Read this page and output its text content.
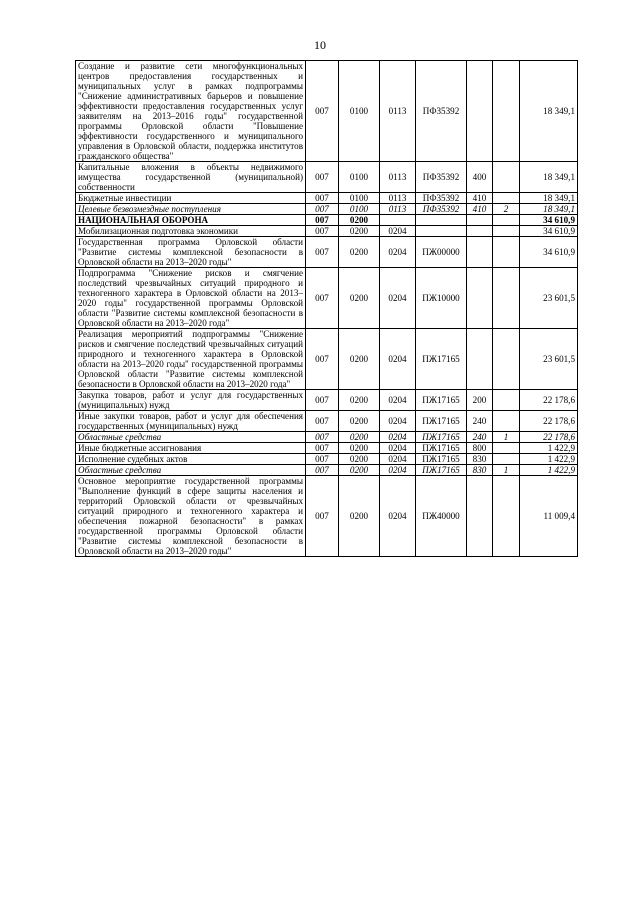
10
Создание и развитие сети многофункциональных центров предоставления государственных и муниципальных услуг в рамках подпрограммы "Снижение административных барьеров и повышение эффективности предоставления государственных услуг заявителям на 2013–2016 годы" государственной программы Орловской области "Повышение эффективности государственного и муниципального управления в Орловской области, поддержка институтов гражданского общества"	007	0100	0113	ПФ35392			18 349,1
Капитальные вложения в объекты недвижимого имущества государственной (муниципальной) собственности	007	0100	0113	ПФ35392	400		18 349,1
Бюджетные инвестиции	007	0100	0113	ПФ35392	410		18 349,1
Целевые безвозмездные поступления	007	0100	0113	ПФ35392	410	2	18 349,1
НАЦИОНАЛЬНАЯ ОБОРОНА	007	0200					34 610,9
Мобилизационная подготовка экономики	007	0200	0204				34 610,9
Государственная программа Орловской области "Развитие системы комплексной безопасности в Орловской области на 2013–2020 годы"	007	0200	0204	ПЖ00000			34 610,9
Подпрограмма "Снижение рисков и смягчение последствий чрезвычайных ситуаций природного и техногенного характера в Орловской области на 2013–2020 годы" государственной программы Орловской области "Развитие системы комплексной безопасности в Орловской области на 2013–2020 года"	007	0200	0204	ПЖ10000			23 601,5
Реализация мероприятий подпрограммы "Снижение рисков и смягчение последствий чрезвычайных ситуаций природного и техногенного характера в Орловской области на 2013–2020 годы" государственной программы Орловской области "Развитие системы комплексной безопасности в Орловской области на 2013–2020 года"	007	0200	0204	ПЖ17165			23 601,5
Закупка товаров, работ и услуг для государственных (муниципальных) нужд	007	0200	0204	ПЖ17165	200		22 178,6
Иные закупки товаров, работ и услуг для обеспечения государственных (муниципальных) нужд	007	0200	0204	ПЖ17165	240		22 178,6
Областные средства	007	0200	0204	ПЖ17165	240	1	22 178,6
Иные бюджетные ассигнования	007	0200	0204	ПЖ17165	800		1 422,9
Исполнение судебных актов	007	0200	0204	ПЖ17165	830		1 422,9
Областные средства	007	0200	0204	ПЖ17165	830	1	1 422,9
Основное мероприятие государственной программы "Выполнение функций в сфере защиты населения и территорий Орловской области от чрезвычайных ситуаций природного и техногенного характера и обеспечения пожарной безопасности" в рамках государственной программы Орловской области "Развитие системы комплексной безопасности в Орловской области на 2013–2020 годы"	007	0200	0204	ПЖ40000			11 009,4
